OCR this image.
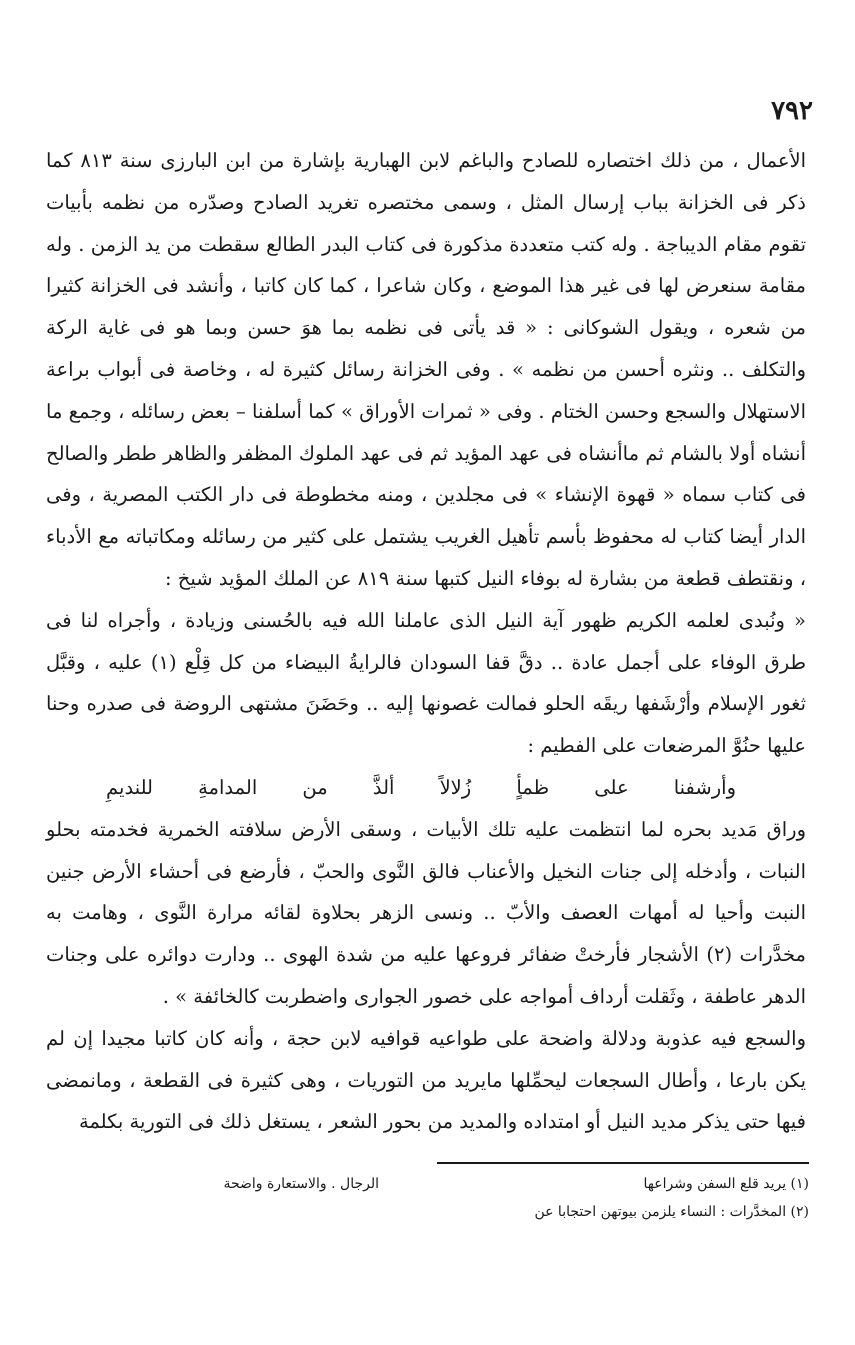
٧٩٢

الأعمال ، من ذلك اختصاره للصادح والباغم لابن الهبارية بإشارة من ابن البارزى سنة ٨١٣ كما ذكر فى الخزانة بباب إرسال المثل ، وسمى مختصره تغريد الصادح وصدّره من نظمه بأبيات تقوم مقام الديباجة . وله كتب متعددة مذكورة فى كتاب البدر الطالع سقطت من يد الزمن . وله مقامة سنعرض لها فى غير هذا الموضع ، وكان شاعرا ، كما كان كاتبا ، وأنشد فى الخزانة كثيرا من شعره ، ويقول الشوكانى : « قد يأتى فى نظمه بما هوَ حسن وبما هو فى غاية الركة والتكلف .. ونثره أحسن من نظمه » . وفى الخزانة رسائل كثيرة له ، وخاصة فى أبواب براعة الاستهلال والسجع وحسن الختام . وفى « ثمرات الأوراق » كما أسلفنا – بعض رسائله ، وجمع ما أنشاه أولا بالشام ثم ماأنشاه فى عهد المؤيد ثم فى عهد الملوك المظفر والظاهر ططر والصالح فى كتاب سماه « قهوة الإنشاء » فى مجلدين ، ومنه مخطوطة فى دار الكتب المصرية ، وفى الدار أيضا كتاب له محفوظ بأسم تأهيل الغريب يشتمل على كثير من رسائله ومكاتباته مع الأدباء ، ونقتطف قطعة من بشارة له بوفاء النيل كتبها سنة ٨١٩ عن الملك المؤيد شيخ :

« ونُبدى لعلمه الكريم ظهور آية النيل الذى عاملنا الله فيه بالحُسنى وزيادة ، وأجراه لنا فى طرق الوفاء على أجمل عادة .. دقَّ قفا السودان فالرايةُ البيضاء من كل قِلْع (١) عليه ، وقبَّل ثغور الإسلام وأرْشَفها ريقَه الحلو فمالت غصونها إليه .. وحَضَنَ مشتهى الروضة فى صدره وحنا عليها حنُوَّ المرضعات على الفطيم :

وأرشفنا
على
ظمأٍ
زُلالاً
ألذَّ
من
المدامةِ
للنديمِ

وراق مَديد بحره لما انتظمت عليه تلك الأبيات ، وسقى الأرض سلافته الخمرية فخدمته بحلو النبات ، وأدخله إلى جنات النخيل والأعناب فالق النَّوى والحبّ ، فأرضع فى أحشاء الأرض جنين النبت وأحيا له أمهات العصف والأبّ .. ونسى الزهر بحلاوة لقائه مرارة النَّوى ، وهامت به مخدَّرات (٢) الأشجار فأرختْ ضفائر فروعها عليه من شدة الهوى .. ودارت دوائره على وجنات الدهر عاطفة ، وثَقلت أرداف أمواجه على خصور الجوارى واضطربت كالخائفة » .

والسجع فيه عذوبة ودلالة واضحة على طواعيه قوافيه لابن حجة ، وأنه كان كاتبا مجيدا إن لم يكن بارعا ، وأطال السجعات ليحمِّلها مايريد من التوريات ، وهى كثيرة فى القطعة ، ومانمضى فيها حتى يذكر مديد النيل أو امتداده والمديد من بحور الشعر ، يستغل ذلك فى التورية بكلمة

(١) يريد قلع السفن وشراعها
الرجال . والاستعارة واضحة
(٢) المخدَّرات : النساء يلزمن بيوتهن احتجابا عن
